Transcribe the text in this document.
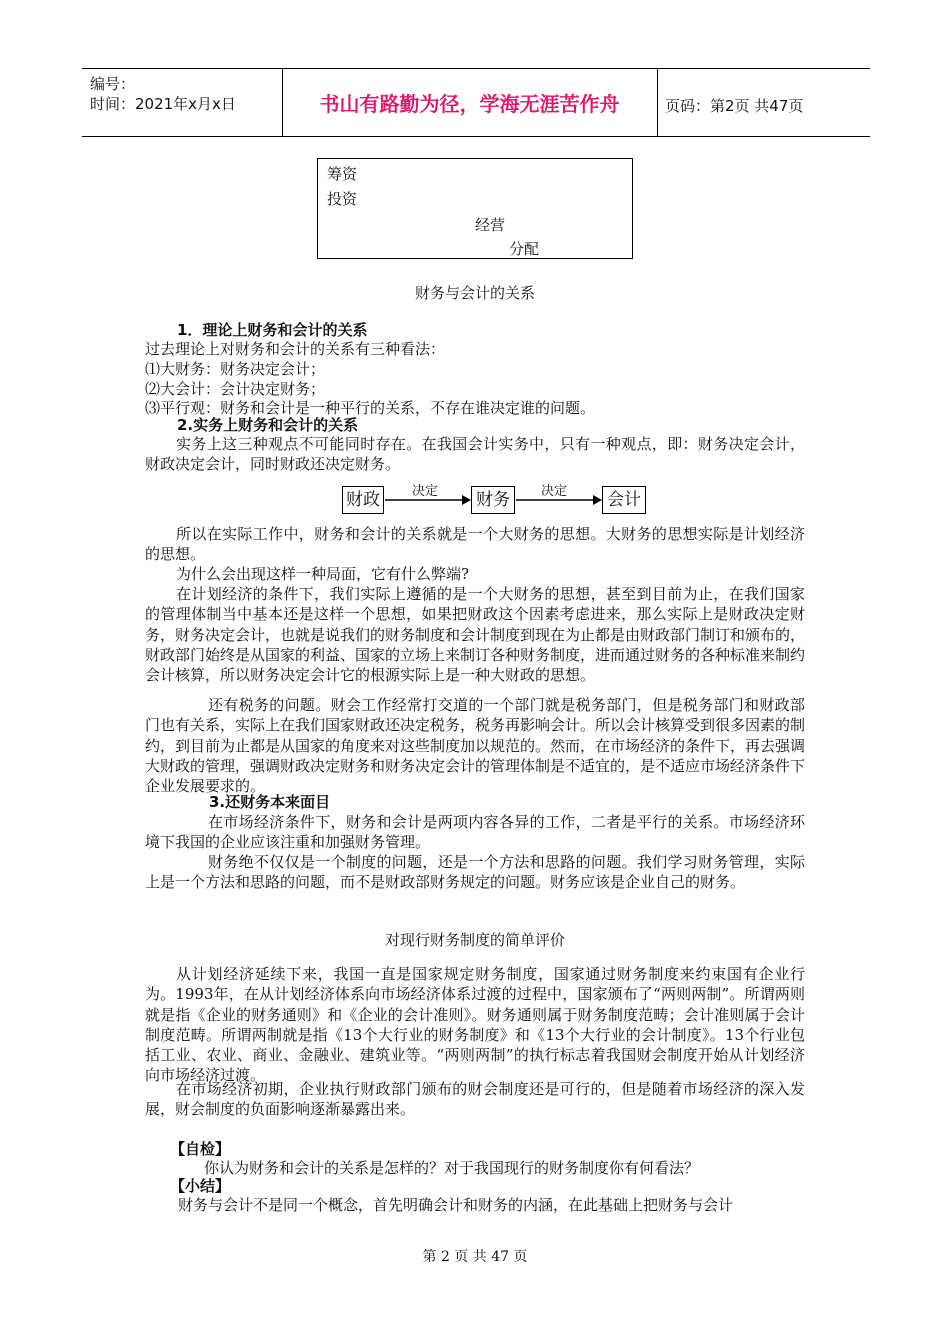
编号：
时间：2021年x月x日	书山有路勤为径，学海无涯苦作舟	页码：第2页 共47页
筹资
投资
经营
分配
财务与会计的关系
1．理论上财务和会计的关系
过去理论上对财务和会计的关系有三种看法：
⑴大财务：财务决定会计；
⑵大会计：会计决定财务；
⑶平行观：财务和会计是一种平行的关系，不存在谁决定谁的问题。
2.实务上财务和会计的关系
实务上这三种观点不可能同时存在。在我国会计实务中，只有一种观点，即：财务决定会计，财政决定会计，同时财政还决定财务。
财政	决定 财务	决定 会计
所以在实际工作中，财务和会计的关系就是一个大财务的思想。大财务的思想实际是计划经济的思想。
为什么会出现这样一种局面，它有什么弊端?
在计划经济的条件下，我们实际上遵循的是一个大财务的思想，甚至到目前为止，在我们国家的管理体制当中基本还是这样一个思想，如果把财政这个因素考虑进来，那么实际上是财政决定财务，财务决定会计，也就是说我们的财务制度和会计制度到现在为止都是由财政部门制订和颁布的，财政部门始终是从国家的利益、国家的立场上来制订各种财务制度，进而通过财务的各种标准来制约会计核算，所以财务决定会计它的根源实际上是一种大财政的思想。
还有税务的问题。财会工作经常打交道的一个部门就是税务部门，但是税务部门和财政部门也有关系，实际上在我们国家财政还决定税务，税务再影响会计。所以会计核算受到很多因素的制约，到目前为止都是从国家的角度来对这些制度加以规范的。然而，在市场经济的条件下，再去强调大财政的管理，强调财政决定财务和财务决定会计的管理体制是不适宜的，是不适应市场经济条件下企业发展要求的。
3.还财务本来面目
在市场经济条件下，财务和会计是两项内容各异的工作，二者是平行的关系。市场经济环境下我国的企业应该注重和加强财务管理。
财务绝不仅仅是一个制度的问题，还是一个方法和思路的问题。我们学习财务管理，实际上是一个方法和思路的问题，而不是财政部财务规定的问题。财务应该是企业自己的财务。
对现行财务制度的简单评价
从计划经济延续下来，我国一直是国家规定财务制度，国家通过财务制度来约束国有企业行为。1993年，在从计划经济体系向市场经济体系过渡的过程中，国家颁布了“两则两制”。所谓两则就是指《企业的财务通则》和《企业的会计准则》。财务通则属于财务制度范畴；会计准则属于会计制度范畴。所谓两制就是指《13个大行业的财务制度》和《13个大行业的会计制度》。13个行业包括工业、农业、商业、金融业、建筑业等。“两则两制”的执行标志着我国财会制度开始从计划经济向市场经济过渡。
在市场经济初期，企业执行财政部门颁布的财会制度还是可行的，但是随着市场经济的深入发展，财会制度的负面影响逐渐暴露出来。
【自检】
你认为财务和会计的关系是怎样的？对于我国现行的财务制度你有何看法？
【小结】
财务与会计不是同一个概念，首先明确会计和财务的内涵，在此基础上把财务与会计
第 2 页 共 47 页
